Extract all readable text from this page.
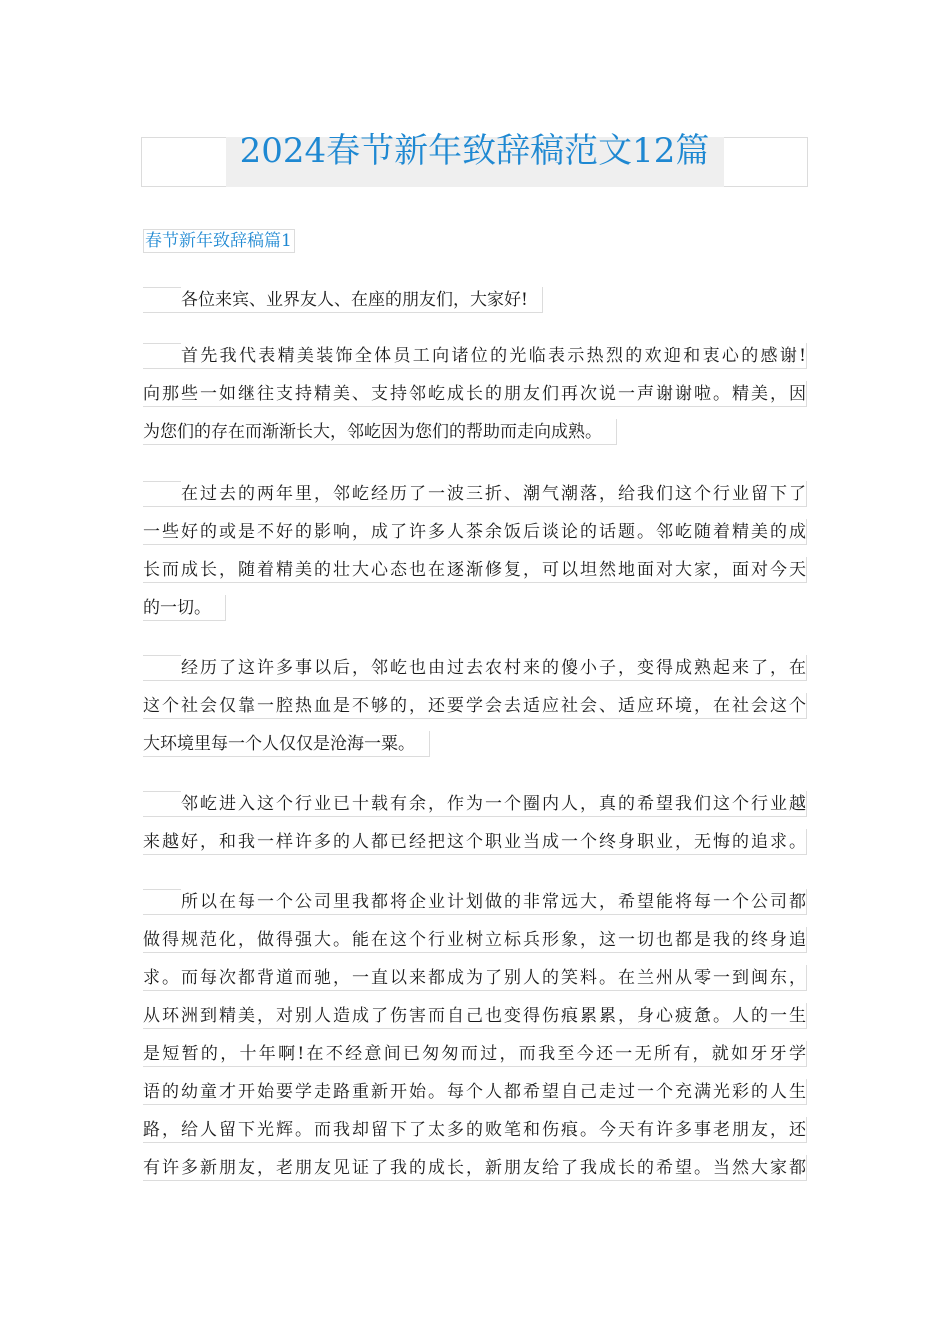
2024春节新年致辞稿范文12篇
春节新年致辞稿篇1
各位来宾、业界友人、在座的朋友们，大家好!
首先我代表精美装饰全体员工向诸位的光临表示热烈的欢迎和衷心的感谢!
向那些一如继往支持精美、支持邻屹成长的朋友们再次说一声谢谢啦。精美，因
为您们的存在而渐渐长大，邻屹因为您们的帮助而走向成熟。
在过去的两年里，邻屹经历了一波三折、潮气潮落，给我们这个行业留下了
一些好的或是不好的影响，成了许多人茶余饭后谈论的话题。邻屹随着精美的成
长而成长，随着精美的壮大心态也在逐渐修复，可以坦然地面对大家，面对今天
的一切。
经历了这许多事以后，邻屹也由过去农村来的傻小子，变得成熟起来了，在
这个社会仅靠一腔热血是不够的，还要学会去适应社会、适应环境，在社会这个
大环境里每一个人仅仅是沧海一粟。
邻屹进入这个行业已十载有余，作为一个圈内人，真的希望我们这个行业越
来越好，和我一样许多的人都已经把这个职业当成一个终身职业，无悔的追求。
所以在每一个公司里我都将企业计划做的非常远大，希望能将每一个公司都
做得规范化，做得强大。能在这个行业树立标兵形象，这一切也都是我的终身追
求。而每次都背道而驰，一直以来都成为了别人的笑料。在兰州从零一到闽东，
从环洲到精美，对别人造成了伤害而自己也变得伤痕累累，身心疲惫。人的一生
是短暂的，十年啊!在不经意间已匆匆而过，而我至今还一无所有，就如牙牙学
语的幼童才开始要学走路重新开始。每个人都希望自己走过一个充满光彩的人生
路，给人留下光辉。而我却留下了太多的败笔和伤痕。今天有许多事老朋友，还
有许多新朋友，老朋友见证了我的成长，新朋友给了我成长的希望。当然大家都
